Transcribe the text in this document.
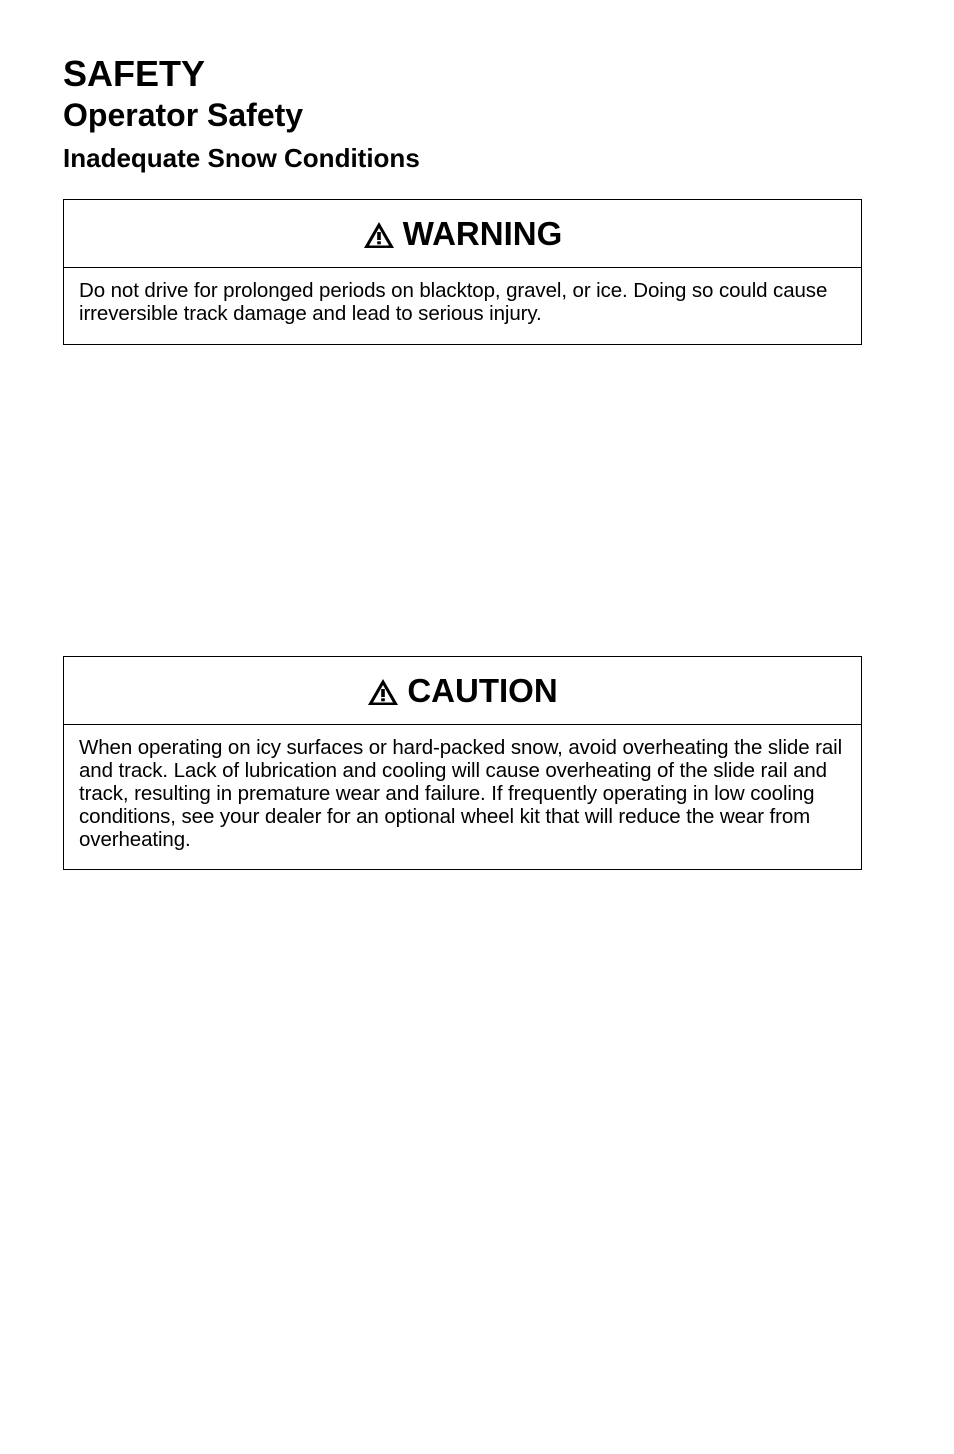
SAFETY
Operator Safety
Inadequate Snow Conditions
WARNING
Do not drive for prolonged periods on blacktop, gravel, or ice. Doing so could cause irreversible track damage and lead to serious injury.
CAUTION
When operating on icy surfaces or hard-packed snow, avoid overheating the slide rail and track. Lack of lubrication and cooling will cause overheating of the slide rail and track, resulting in premature wear and failure. If frequently operating in low cooling conditions, see your dealer for an optional wheel kit that will reduce the wear from overheating.
